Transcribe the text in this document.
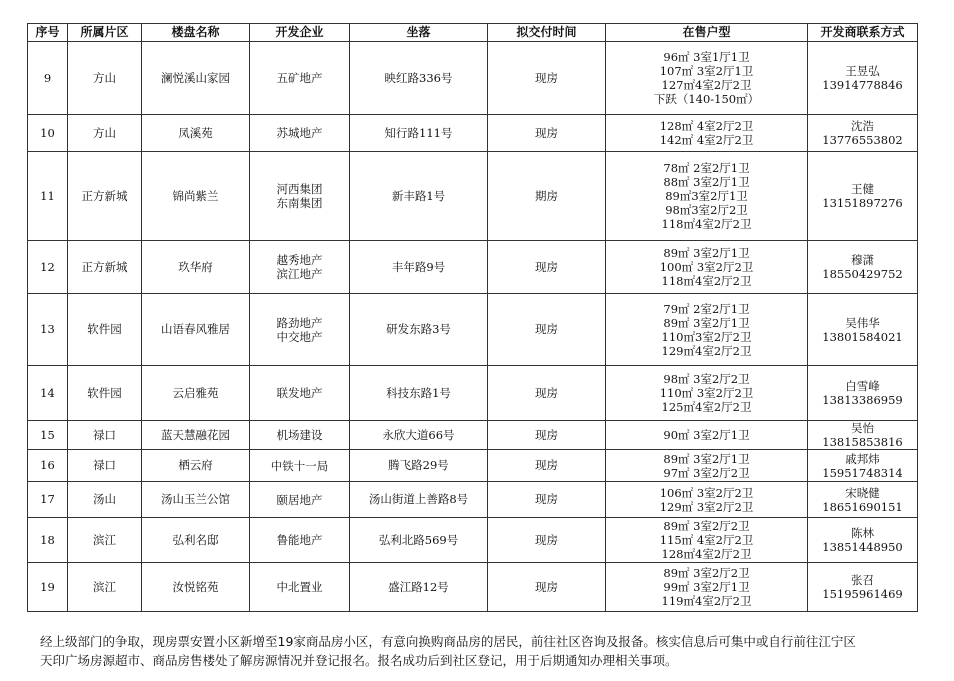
序号	所属片区	楼盘名称	开发企业	坐落	拟交付时间	在售户型	开发商联系方式
9	方山	澜悦溪山家园	五矿地产	映红路336号	现房	96㎡ 3室1厅1卫
107㎡ 3室2厅1卫
127㎡4室2厅2卫
下跃（140-150㎡）	王昱弘
13914778846

10	方山	凤溪苑	苏城地产	知行路111号	现房	128㎡ 4室2厅2卫
142㎡ 4室2厅2卫	沈浩
13776553802

11	正方新城	锦尚紫兰	河西集团
东南集团	新丰路1号	期房	78㎡ 2室2厅1卫
88㎡ 3室2厅1卫
89㎡3室2厅1卫
98㎡3室2厅2卫
118㎡4室2厅2卫	王健
13151897276

12	正方新城	玖华府	越秀地产
滨江地产	丰年路9号	现房	89㎡ 3室2厅1卫
100㎡ 3室2厅2卫
118㎡4室2厅2卫	穆潇
18550429752

13	软件园	山语春风雅居	路劲地产
中交地产	研发东路3号	现房	79㎡ 2室2厅1卫
89㎡ 3室2厅1卫
110㎡3室2厅2卫
129㎡4室2厅2卫	吴伟华
13801584021

14	软件园	云启雅苑	联发地产	科技东路1号	现房	98㎡ 3室2厅2卫
110㎡ 3室2厅2卫
125㎡4室2厅2卫	白雪峰
13813386959

15	禄口	蓝天慧融花园	机场建设	永欣大道66号	现房	90㎡ 3室2厅1卫	吴怡
13815853816

16	禄口	栖云府	中铁十一局	腾飞路29号	现房	89㎡ 3室2厅1卫
97㎡ 3室2厅2卫	戚邦炜
15951748314

17	汤山	汤山玉兰公馆	颐居地产	汤山街道上善路8号	现房	106㎡ 3室2厅2卫
129㎡ 3室2厅2卫	宋晓健
18651690151

18	滨江	弘利名邸	鲁能地产	弘利北路569号	现房	89㎡ 3室2厅2卫
115㎡ 4室2厅2卫
128㎡4室2厅2卫	陈林
13851448950

19	滨江	汝悦铭苑	中北置业	盛江路12号	现房	89㎡ 3室2厅2卫
99㎡ 3室2厅1卫
119㎡4室2厅2卫	张召
15195961469
经上级部门的争取，现房票安置小区新增至19家商品房小区，有意向换购商品房的居民，前往社区咨询及报备。核实信息后可集中或自行前往江宁区
天印广场房源超市、商品房售楼处了解房源情况并登记报名。报名成功后到社区登记，用于后期通知办理相关事项。
